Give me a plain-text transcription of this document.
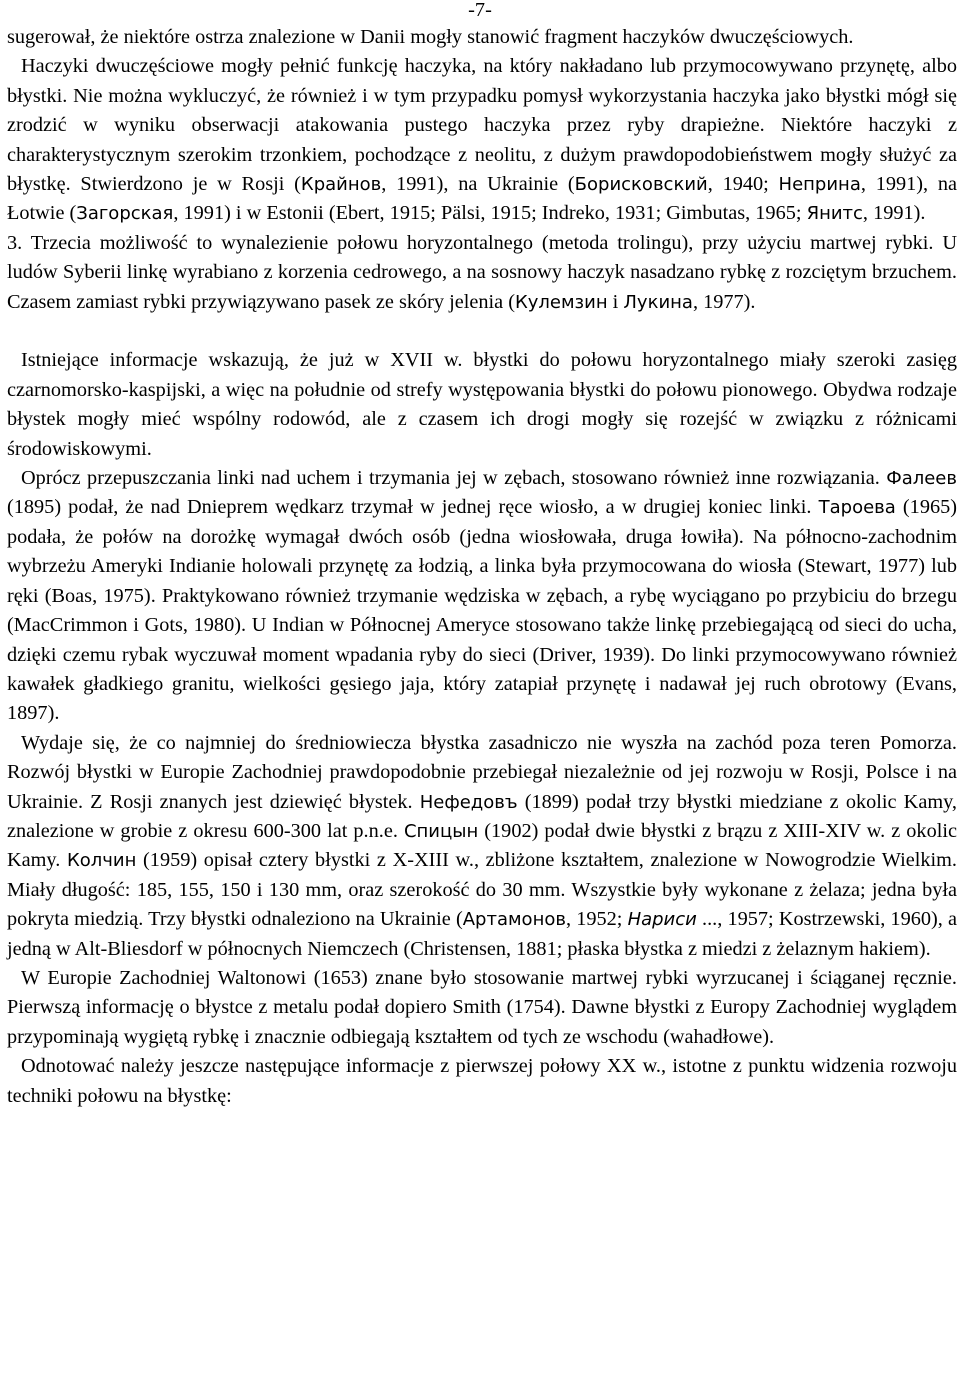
-7-

sugerował, że niektóre ostrza znalezione w Danii mogły stanowić fragment haczyków dwuczęściowych.

Haczyki dwuczęściowe mogły pełnić funkcję haczyka, na który nakładano lub przymocowywano przynętę, albo błystki. Nie można wykluczyć, że również i w tym przypadku pomysł wykorzystania haczyka jako błystki mógł się zrodzić w wyniku obserwacji atakowania pustego haczyka przez ryby drapieżne. Niektóre haczyki z charakterystycznym szerokim trzonkiem, pochodzące z neolitu, z dużym prawdopodobieństwem mogły służyć za błystkę. Stwierdzono je w Rosji (Крайнов, 1991), na Ukrainie (Борисковский, 1940; Неприна, 1991), na Łotwie (Загорская, 1991) i w Estonii (Ebert, 1915; Pälsi, 1915; Indreko, 1931; Gimbutas, 1965; Янитс, 1991).

3. Trzecia możliwość to wynalezienie połowu horyzontalnego (metoda trolingu), przy użyciu martwej rybki. U ludów Syberii linkę wyrabiano z korzenia cedrowego, a na sosnowy haczyk nasadzano rybkę z rozciętym brzuchem. Czasem zamiast rybki przywiązywano pasek ze skóry jelenia (Кулемзин i Лукина, 1977).

Istniejące informacje wskazują, że już w XVII w. błystki do połowu horyzontalnego miały szeroki zasięg czarnomorsko-kaspijski, a więc na południe od strefy występowania błystki do połowu pionowego. Obydwa rodzaje błystek mogły mieć wspólny rodowód, ale z czasem ich drogi mogły się rozejść w związku z różnicami środowiskowymi.

Oprócz przepuszczania linki nad uchem i trzymania jej w zębach, stosowano również inne rozwiązania. Фалеев (1895) podał, że nad Dnieprem wędkarz trzymał w jednej ręce wiosło, a w drugiej koniec linki. Тароева (1965) podała, że połów na dorożkę wymagał dwóch osób (jedna wiosłowała, druga łowiła). Na północno-zachodnim wybrzeżu Ameryki Indianie holowali przynętę za łodzią, a linka była przymocowana do wiosła (Stewart, 1977) lub ręki (Boas, 1975). Praktykowano również trzymanie wędziska w zębach, a rybę wyciągano po przybiciu do brzegu (MacCrimmon i Gots, 1980). U Indian w Północnej Ameryce stosowano także linkę przebiegającą od sieci do ucha, dzięki czemu rybak wyczuwał moment wpadania ryby do sieci (Driver, 1939). Do linki przymocowywano również kawałek gładkiego granitu, wielkości gęsiego jaja, który zatapiał przynętę i nadawał jej ruch obrotowy (Evans, 1897).

Wydaje się, że co najmniej do średniowiecza błystka zasadniczo nie wyszła na zachód poza teren Pomorza. Rozwój błystki w Europie Zachodniej prawdopodobnie przebiegał niezależnie od jej rozwoju w Rosji, Polsce i na Ukrainie. Z Rosji znanych jest dziewięć błystek. Нефедовъ (1899) podał trzy błystki miedziane z okolic Kamy, znalezione w grobie z okresu 600-300 lat p.n.e. Спицын (1902) podał dwie błystki z brązu z XIII-XIV w. z okolic Kamy. Колчин (1959) opisał cztery błystki z X-XIII w., zbliżone kształtem, znalezione w Nowogrodzie Wielkim. Miały długość: 185, 155, 150 i 130 mm, oraz szerokość do 30 mm. Wszystkie były wykonane z żelaza; jedna była pokryta miedzią. Trzy błystki odnaleziono na Ukrainie (Артамонов, 1952; Нариси ..., 1957; Kostrzewski, 1960), a jedną w Alt-Bliesdorf w północnych Niemczech (Christensen, 1881; płaska błystka z miedzi z żelaznym hakiem).

W Europie Zachodniej Waltonowi (1653) znane było stosowanie martwej rybki wyrzucanej i ściąganej ręcznie. Pierwszą informację o błystce z metalu podał dopiero Smith (1754). Dawne błystki z Europy Zachodniej wyglądem przypominają wygiętą rybkę i znacznie odbiegają kształtem od tych ze wschodu (wahadłowe).

Odnotować należy jeszcze następujące informacje z pierwszej połowy XX w., istotne z punktu widzenia rozwoju techniki połowu na błystkę:
